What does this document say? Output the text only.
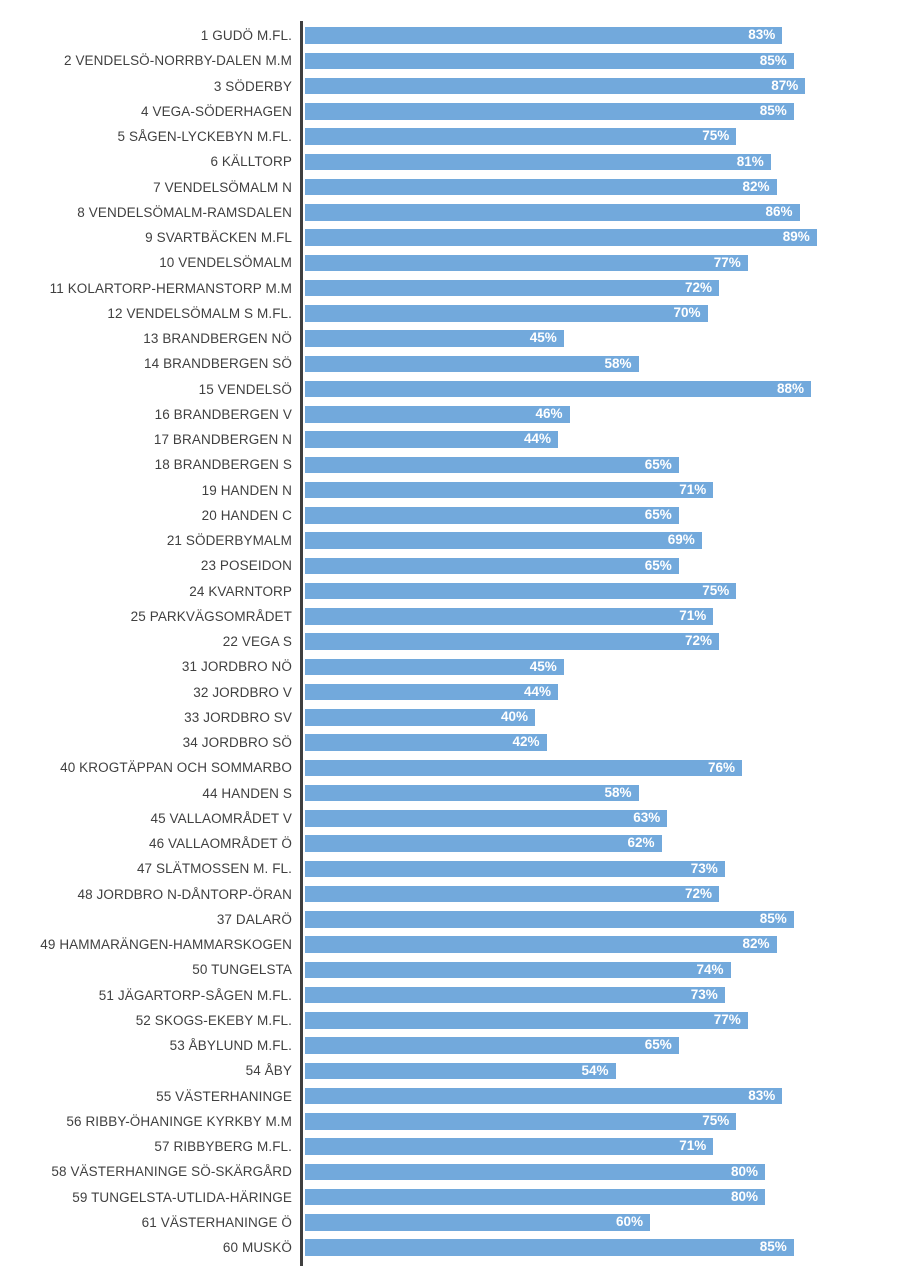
1 GUDÖ M.FL.	83%
2 VENDELSÖ-NORRBY-DALEN M.M	85%
3 SÖDERBY	87%
4 VEGA-SÖDERHAGEN	85%
5 SÅGEN-LYCKEBYN M.FL.	75%
6 KÄLLTORP	81%
7 VENDELSÖMALM N	82%
8 VENDELSÖMALM-RAMSDALEN	86%
9 SVARTBÄCKEN M.FL	89%
10 VENDELSÖMALM	77%
11 KOLARTORP-HERMANSTORP M.M	72%
12 VENDELSÖMALM S M.FL.	70%
13 BRANDBERGEN NÖ	45%
14 BRANDBERGEN SÖ	58%
15 VENDELSÖ	88%
16 BRANDBERGEN V	46%
17 BRANDBERGEN N	44%
18 BRANDBERGEN S	65%
19 HANDEN N	71%
20 HANDEN C	65%
21 SÖDERBYMALM	69%
23 POSEIDON	65%
24 KVARNTORP	75%
25 PARKVÄGSOMRÅDET	71%
22 VEGA S	72%
31 JORDBRO NÖ	45%
32 JORDBRO V	44%
33 JORDBRO SV	40%
34 JORDBRO SÖ	42%
40 KROGTÄPPAN OCH SOMMARBO	76%
44 HANDEN S	58%
45 VALLAOMRÅDET V	63%
46 VALLAOMRÅDET Ö	62%
47 SLÄTMOSSEN M. FL.	73%
48 JORDBRO N-DÅNTORP-ÖRAN	72%
37 DALARÖ	85%
49 HAMMARÄNGEN-HAMMARSKOGEN	82%
50 TUNGELSTA	74%
51 JÄGARTORP-SÅGEN M.FL.	73%
52 SKOGS-EKEBY M.FL.	77%
53 ÅBYLUND M.FL.	65%
54 ÅBY	54%
55 VÄSTERHANINGE	83%
56 RIBBY-ÖHANINGE KYRKBY M.M	75%
57 RIBBYBERG M.FL.	71%
58 VÄSTERHANINGE SÖ-SKÄRGÅRD	80%
59 TUNGELSTA-UTLIDA-HÄRINGE	80%
61 VÄSTERHANINGE Ö	60%
60 MUSKÖ	85%
